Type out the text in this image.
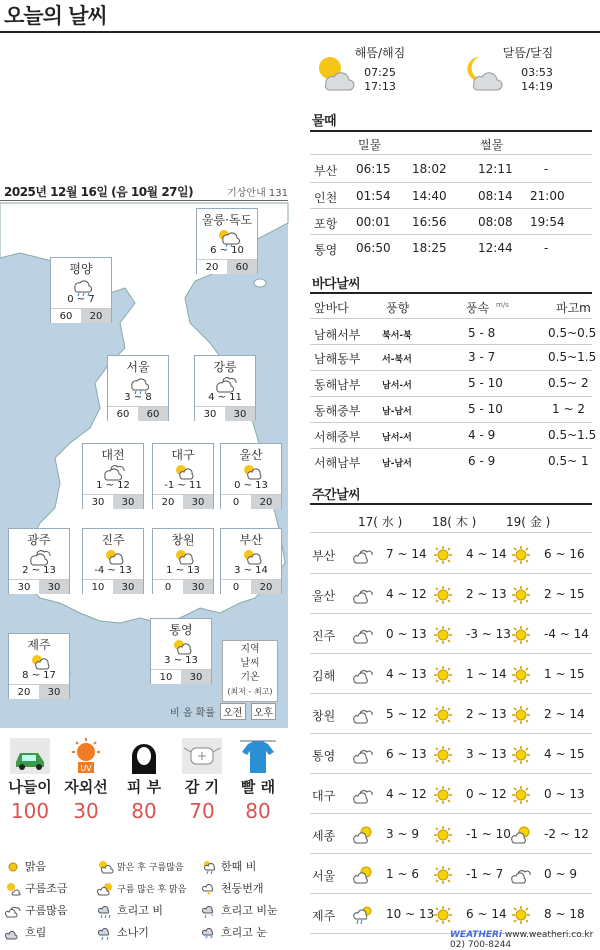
오늘의 날씨
2025년 12월 16일 (음 10월 27일)	기상안내 131
울릉·독도
6 ~ 10
20	60
평양
0 ~ 7
60	20
서울
3 ~ 8
60	60
강릉
4 ~ 11
30	30
대전
1 ~ 12
30	30
대구
-1 ~ 11
20	30
울산
0 ~ 13
0	20
광주
2 ~ 13
30	30
진주
-4 ~ 13
10	30
창원
1 ~ 13
0	30
부산
3 ~ 14
0	20
통영
3 ~ 13
10	30
제주
8 ~ 17
20	30
지역
날씨
기온
(최저 - 최고)
비 올 확률 오전 오후
나들이
100
UV
자외선
30
피 부
80
감 기
70
빨 래
80
맑음	맑은 후 구름많음	한때 비
구름조금	구름 많은 후 맑음	천둥번개
구름많음	흐리고 비	* 흐리고 비눈
흐림	소나기	* * 흐리고 눈
해뜸/해짐
07:25
17:13
달뜸/달짐
03:53
14:19
물때
밀물	썰물
부산 06:15 18:02	12:11	-
인천 01:54 14:40	08:14 21:00
포항 00:01 16:56	08:08 19:54
통영 06:50 18:25	12:44	-
바다날씨
앞바다	풍향	풍속 m/s	파고m
남해서부 북서-북	5 - 8	0.5~0.5
남해동부 서-북서	3 - 7	0.5~1.5
동해남부 남서-서	5 - 10	0.5~ 2
동해중부 남-남서	5 - 10	1 ~ 2
서해중부 남서-서	4 - 9	0.5~1.5
서해남부 남-남서	6 - 9	0.5~ 1
주간날씨
17( 水 ) 18( 木 ) 19( 金 )
부산	7 ~ 14	4 ~ 14	6 ~ 16
울산	4 ~ 12	2 ~ 13	2 ~ 15
진주	0 ~ 13	-3 ~ 13	-4 ~ 14
김해	4 ~ 13	1 ~ 14	1 ~ 15
창원	5 ~ 12	2 ~ 13	2 ~ 14
통영	6 ~ 13	3 ~ 13	4 ~ 15
대구	4 ~ 12	0 ~ 12	0 ~ 13
세종	3 ~ 9	-1 ~ 10	-2 ~ 12
서울	1 ~ 6	-1 ~ 7	0 ~ 9
제주	10 ~ 13	6 ~ 14	8 ~ 18
WEATHERi www.weatheri.co.kr 02) 700-8244
